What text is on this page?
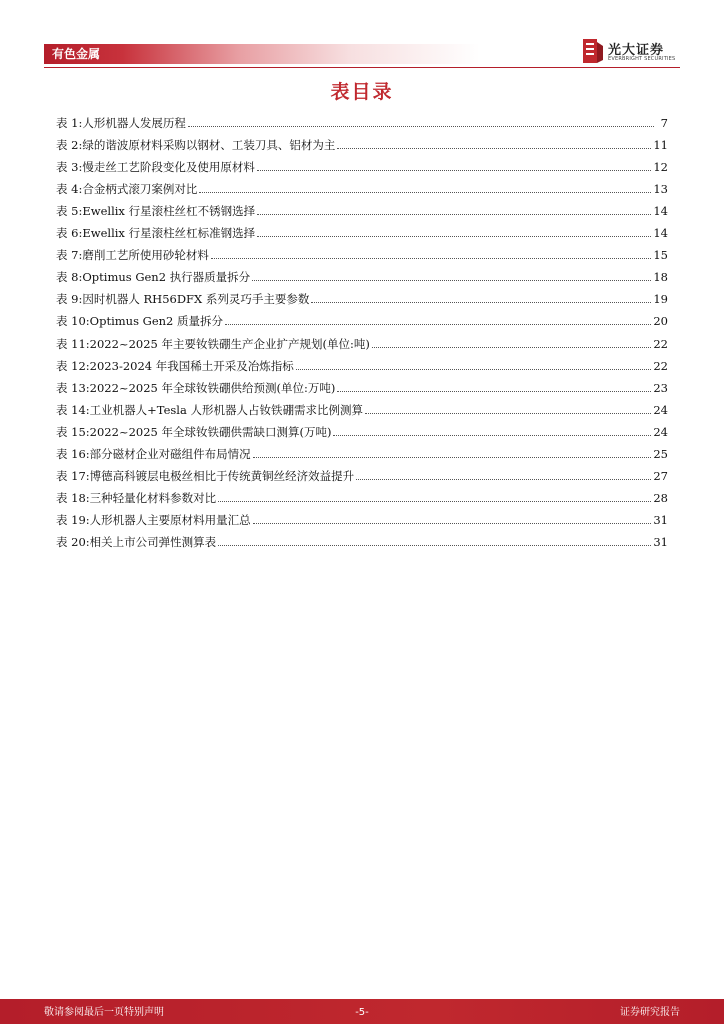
有色金属	光大证券
EVERBRIGHT SECURITIES
表目录
表 1: 人形机器人发展历程	7
表 2: 绿的谐波原材料采购以钢材、工装刀具、铝材为主	11
表 3: 慢走丝工艺阶段变化及使用原材料	12
表 4: 合金柄式滚刀案例对比	13
表 5: Ewellix 行星滚柱丝杠不锈钢选择	14
表 6: Ewellix 行星滚柱丝杠标准钢选择	14
表 7: 磨削工艺所使用砂轮材料	15
表 8: Optimus Gen2 执行器质量拆分	18
表 9: 因时机器人 RH56DFX 系列灵巧手主要参数	19
表 10: Optimus Gen2 质量拆分	20
表 11: 2022~2025 年主要钕铁硼生产企业扩产规划(单位:吨)	22
表 12: 2023-2024 年我国稀土开采及冶炼指标	22
表 13: 2022~2025 年全球钕铁硼供给预测(单位:万吨)	23
表 14: 工业机器人+Tesla 人形机器人占钕铁硼需求比例测算	24
表 15: 2022~2025 年全球钕铁硼供需缺口测算(万吨)	24
表 16: 部分磁材企业对磁组件布局情况	25
表 17: 博德高科镀层电极丝相比于传统黄铜丝经济效益提升	27
表 18: 三种轻量化材料参数对比	28
表 19: 人形机器人主要原材料用量汇总	31
表 20: 相关上市公司弹性测算表	31
敬请参阅最后一页特别声明	-5-	证券研究报告
